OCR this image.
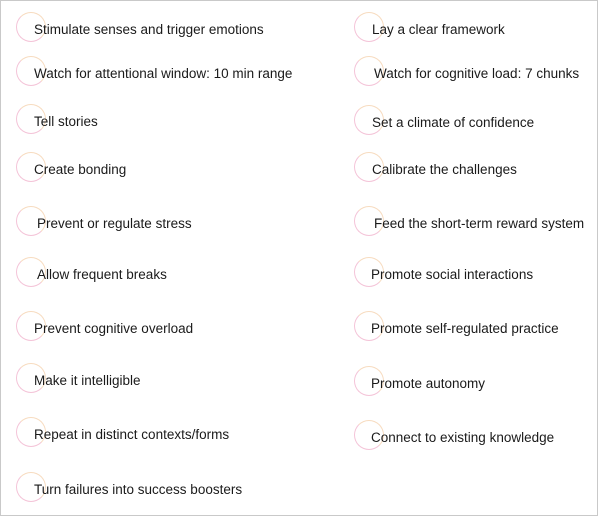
Stimulate senses and trigger emotions
Watch for attentional window: 10 min range
Tell stories
Create bonding
Prevent or regulate stress
Allow frequent breaks
Prevent cognitive overload
Make it intelligible
Repeat in distinct contexts/forms
Turn failures into success boosters
Lay a clear framework
Watch for cognitive load: 7 chunks
Set a climate of confidence
Calibrate the challenges
Feed the short-term reward system
Promote social interactions
Promote self-regulated practice
Promote autonomy
Connect to existing knowledge
